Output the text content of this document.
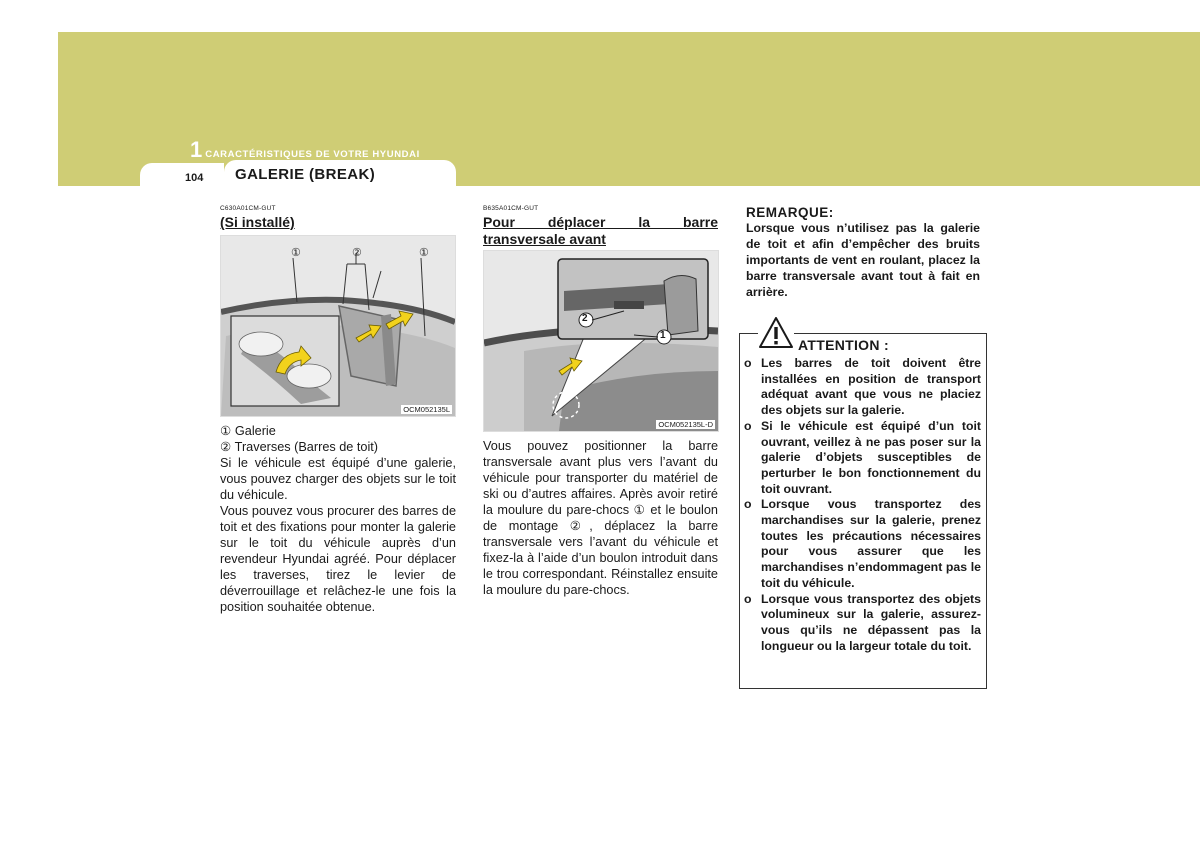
1 CARACTÉRISTIQUES DE VOTRE HYUNDAI
104 GALERIE (BREAK)
C630A01CM-GUT
(Si installé)
①	②	①
OCM052135L

① Galerie

② Traverses (Barres de toit)

Si le véhicule est équipé d’une galerie, vous pouvez charger des objets sur le toit du véhicule.

Vous pouvez vous procurer des barres de toit et des fixations pour monter la galerie sur le toit du véhicule auprès d’un revendeur Hyundai agréé. Pour déplacer les traverses, tirez le levier de déverrouillage et relâchez-le une fois la position souhaitée obtenue.

B635A01CM-GUT
Pour déplacer la barre
transversale avant
2
1
OCM052135L-D
Vous pouvez positionner la barre transversale avant plus vers l’avant du véhicule pour transporter du matériel de ski ou d’autres affaires. Après avoir retiré la moulure du pare-chocs ① et le boulon de montage ②, déplacez la barre transversale vers l’avant du véhicule et fixez-la à l’aide d’un boulon introduit dans le trou correspondant. Réinstallez ensuite la moulure du pare-chocs.
REMARQUE:
Lorsque vous n’utilisez pas la galerie de toit et afin d’empêcher des bruits importants de vent en roulant, placez la barre transversale avant tout à fait en arrière.
ATTENTION :
o Les barres de toit doivent être installées en position de transport adéquat avant que vous ne placiez des objets sur la galerie.
o Si le véhicule est équipé d’un toit ouvrant, veillez à ne pas poser sur la galerie d’objets susceptibles de perturber le bon fonctionnement du toit ouvrant.
o Lorsque vous transportez des marchandises sur la galerie, prenez toutes les précautions nécessaires pour vous assurer que les marchandises n’endommagent pas le toit du véhicule.
o Lorsque vous transportez des objets volumineux sur la galerie, assurez-vous qu’ils ne dépassent pas la longueur ou la largeur totale du toit.
